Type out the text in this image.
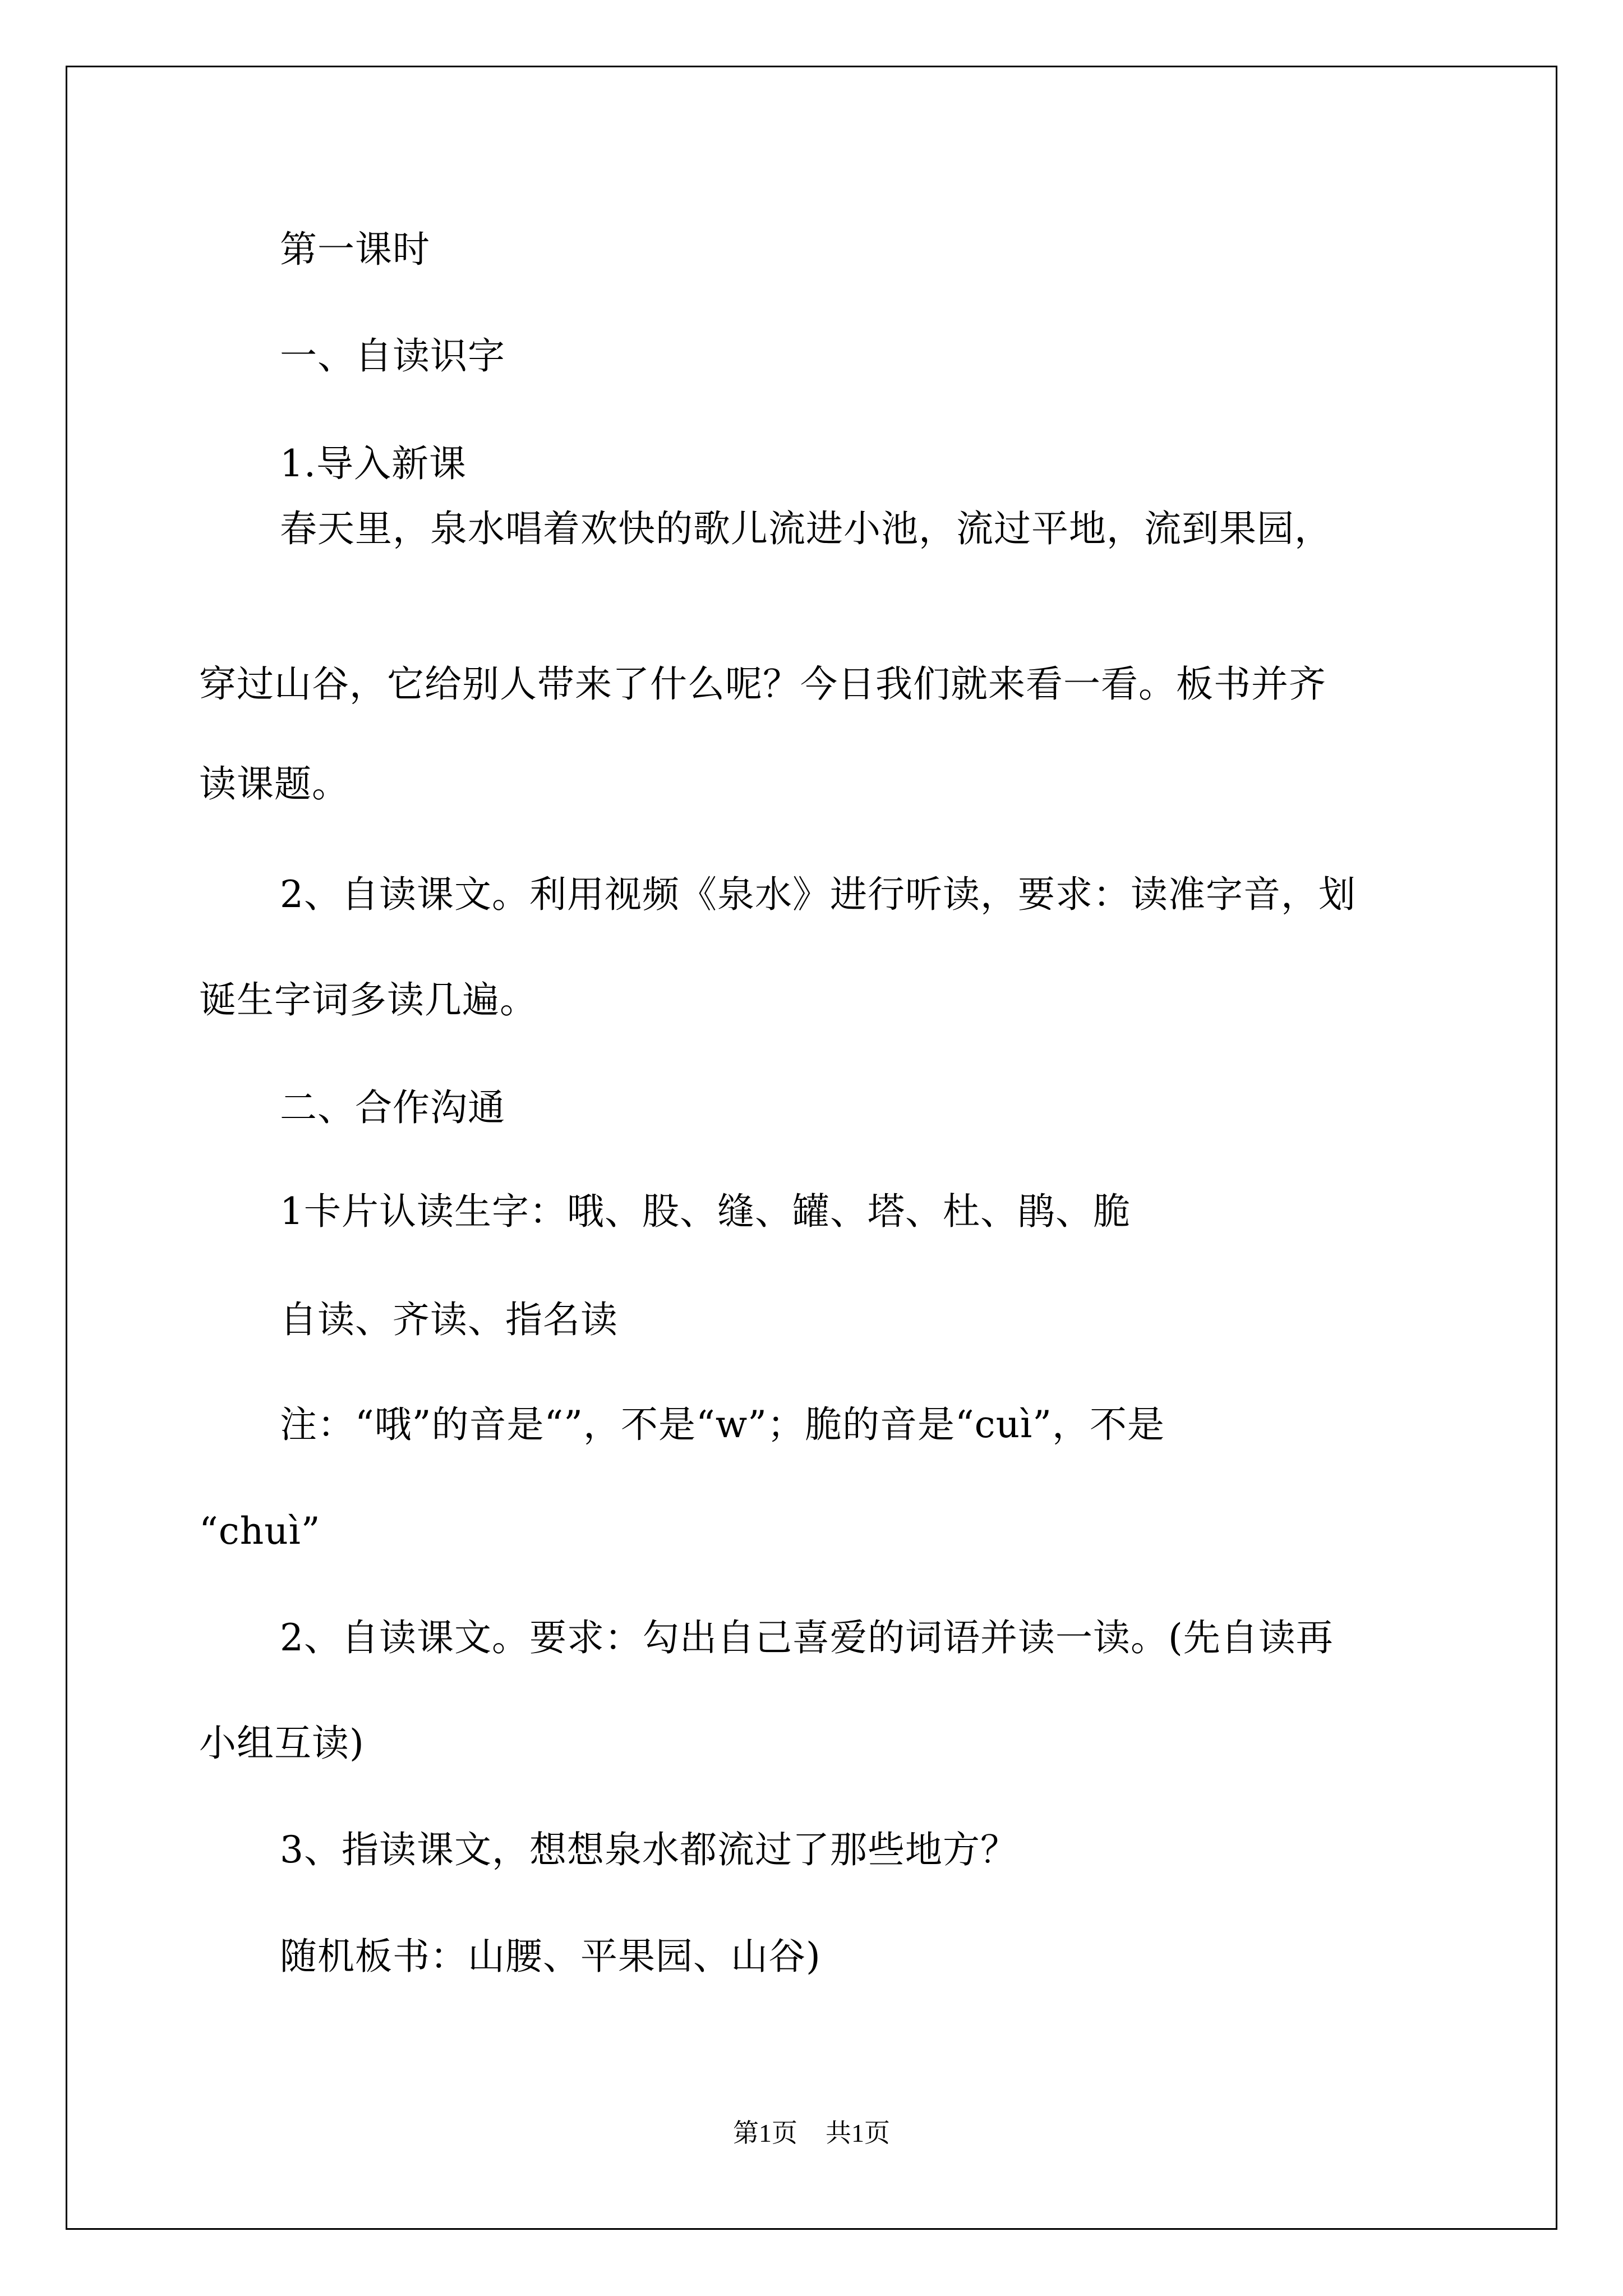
第一课时
一、自读识字
1.导入新课
春天里，泉水唱着欢快的歌儿流进小池，流过平地，流到果园，
穿过山谷，它给别人带来了什么呢？今日我们就来看一看。板书并齐
读课题。
2、自读课文。利用视频《泉水》进行听读，要求：读准字音，划
诞生字词多读几遍。
二、合作沟通
1卡片认读生字：哦、股、缝、罐、塔、杜、鹃、脆
自读、齐读、指名读
注：“哦”的音是“”，不是“w”；脆的音是“cuì”，不是
“chuì”
2、自读课文。要求：勾出自己喜爱的词语并读一读。(先自读再
小组互读)
3、指读课文，想想泉水都流过了那些地方？
随机板书：山腰、平果园、山谷)
第1页 共1页
